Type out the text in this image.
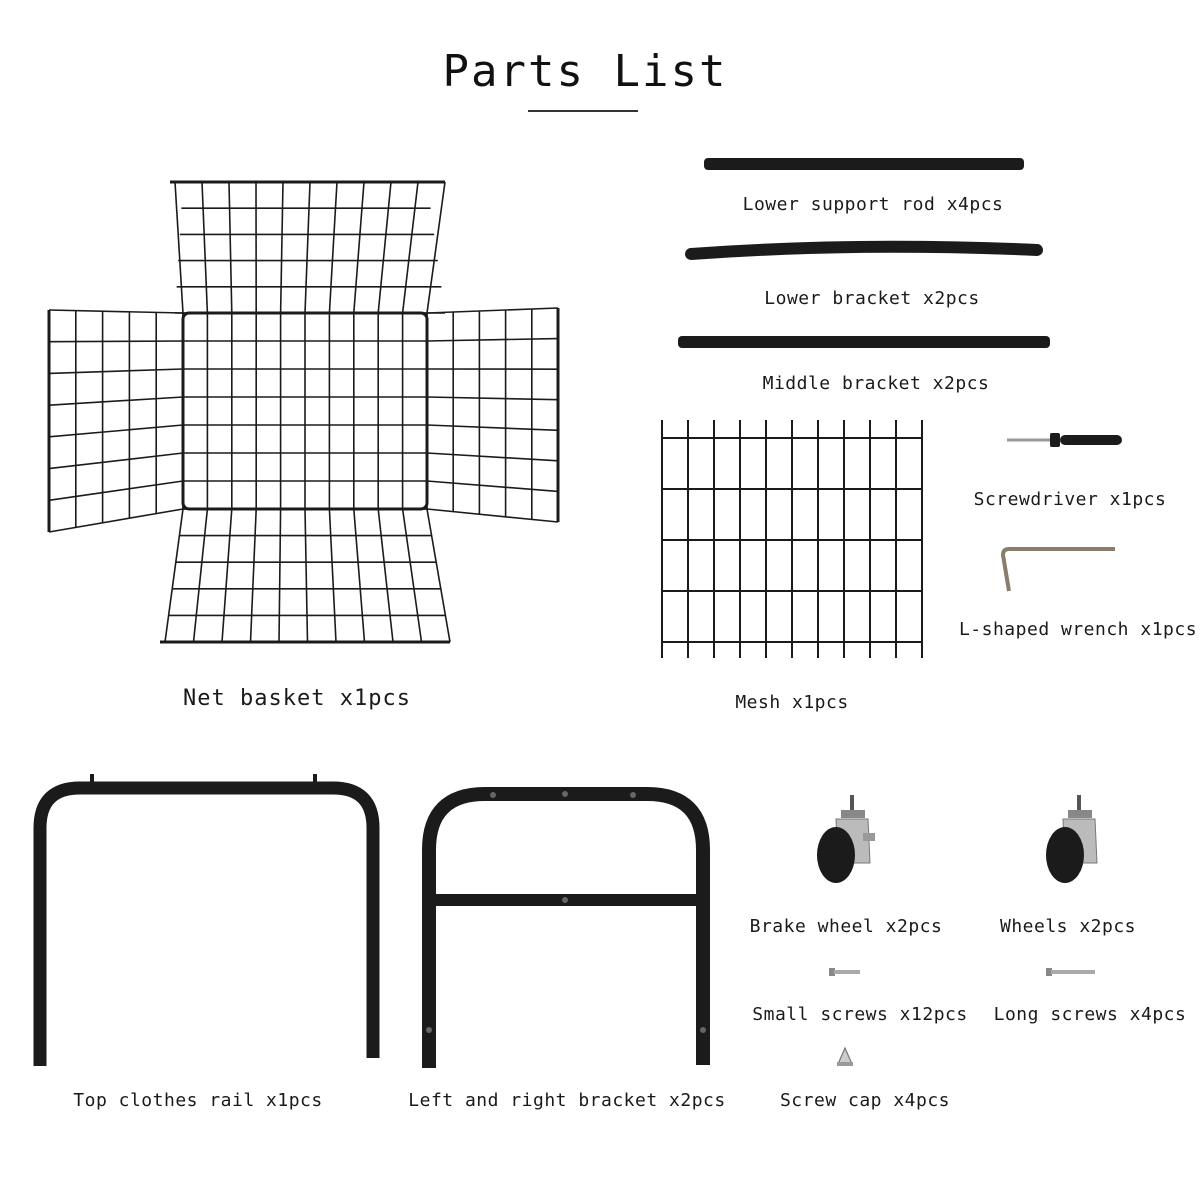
Parts List
Net basket x1pcs
Lower support rod x4pcs
Lower bracket x2pcs
Middle bracket x2pcs
Mesh x1pcs
Screwdriver x1pcs
L-shaped wrench x1pcs
Top clothes rail x1pcs	Left and right bracket x2pcs
Brake wheel x2pcs	Wheels x2pcs
Small screws x12pcs Long screws x4pcs
Screw cap x4pcs
